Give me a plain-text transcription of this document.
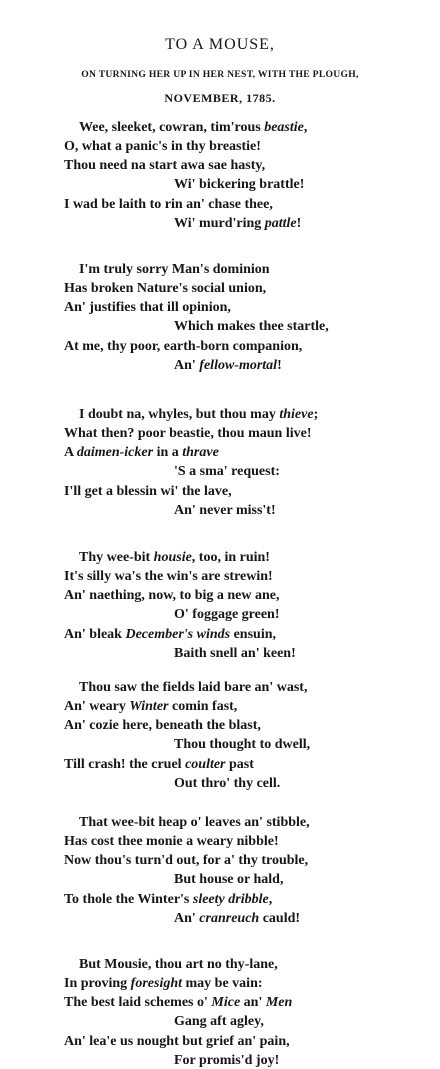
TO A MOUSE,

ON TURNING HER UP IN HER NEST, WITH THE PLOUGH,

NOVEMBER, 1785.

Wee, sleeket, cowran, tim'rous beastie,
O, what a panic's in thy breastie!
Thou need na start awa sae hasty,
Wi' bickering brattle!
I wad be laith to rin an' chase thee,
Wi' murd'ring pattle!
I'm truly sorry Man's dominion
Has broken Nature's social union,
An' justifies that ill opinion,
Which makes thee startle,
At me, thy poor, earth-born companion,
An' fellow-mortal!
I doubt na, whyles, but thou may thieve;
What then? poor beastie, thou maun live!
A daimen-icker in a thrave
'S a sma' request:
I'll get a blessin wi' the lave,
An' never miss't!
Thy wee-bit housie, too, in ruin!
It's silly wa's the win's are strewin!
An' naething, now, to big a new ane,
O' foggage green!
An' bleak December's winds ensuin,
Baith snell an' keen!
Thou saw the fields laid bare an' wast,
An' weary Winter comin fast,
An' cozie here, beneath the blast,
Thou thought to dwell,
Till crash! the cruel coulter past
Out thro' thy cell.
That wee-bit heap o' leaves an' stibble,
Has cost thee monie a weary nibble!
Now thou's turn'd out, for a' thy trouble,
But house or hald,
To thole the Winter's sleety dribble,
An' cranreuch cauld!
But Mousie, thou art no thy-lane,
In proving foresight may be vain:
The best laid schemes o' Mice an' Men
Gang aft agley,
An' lea'e us nought but grief an' pain,
For promis'd joy!
